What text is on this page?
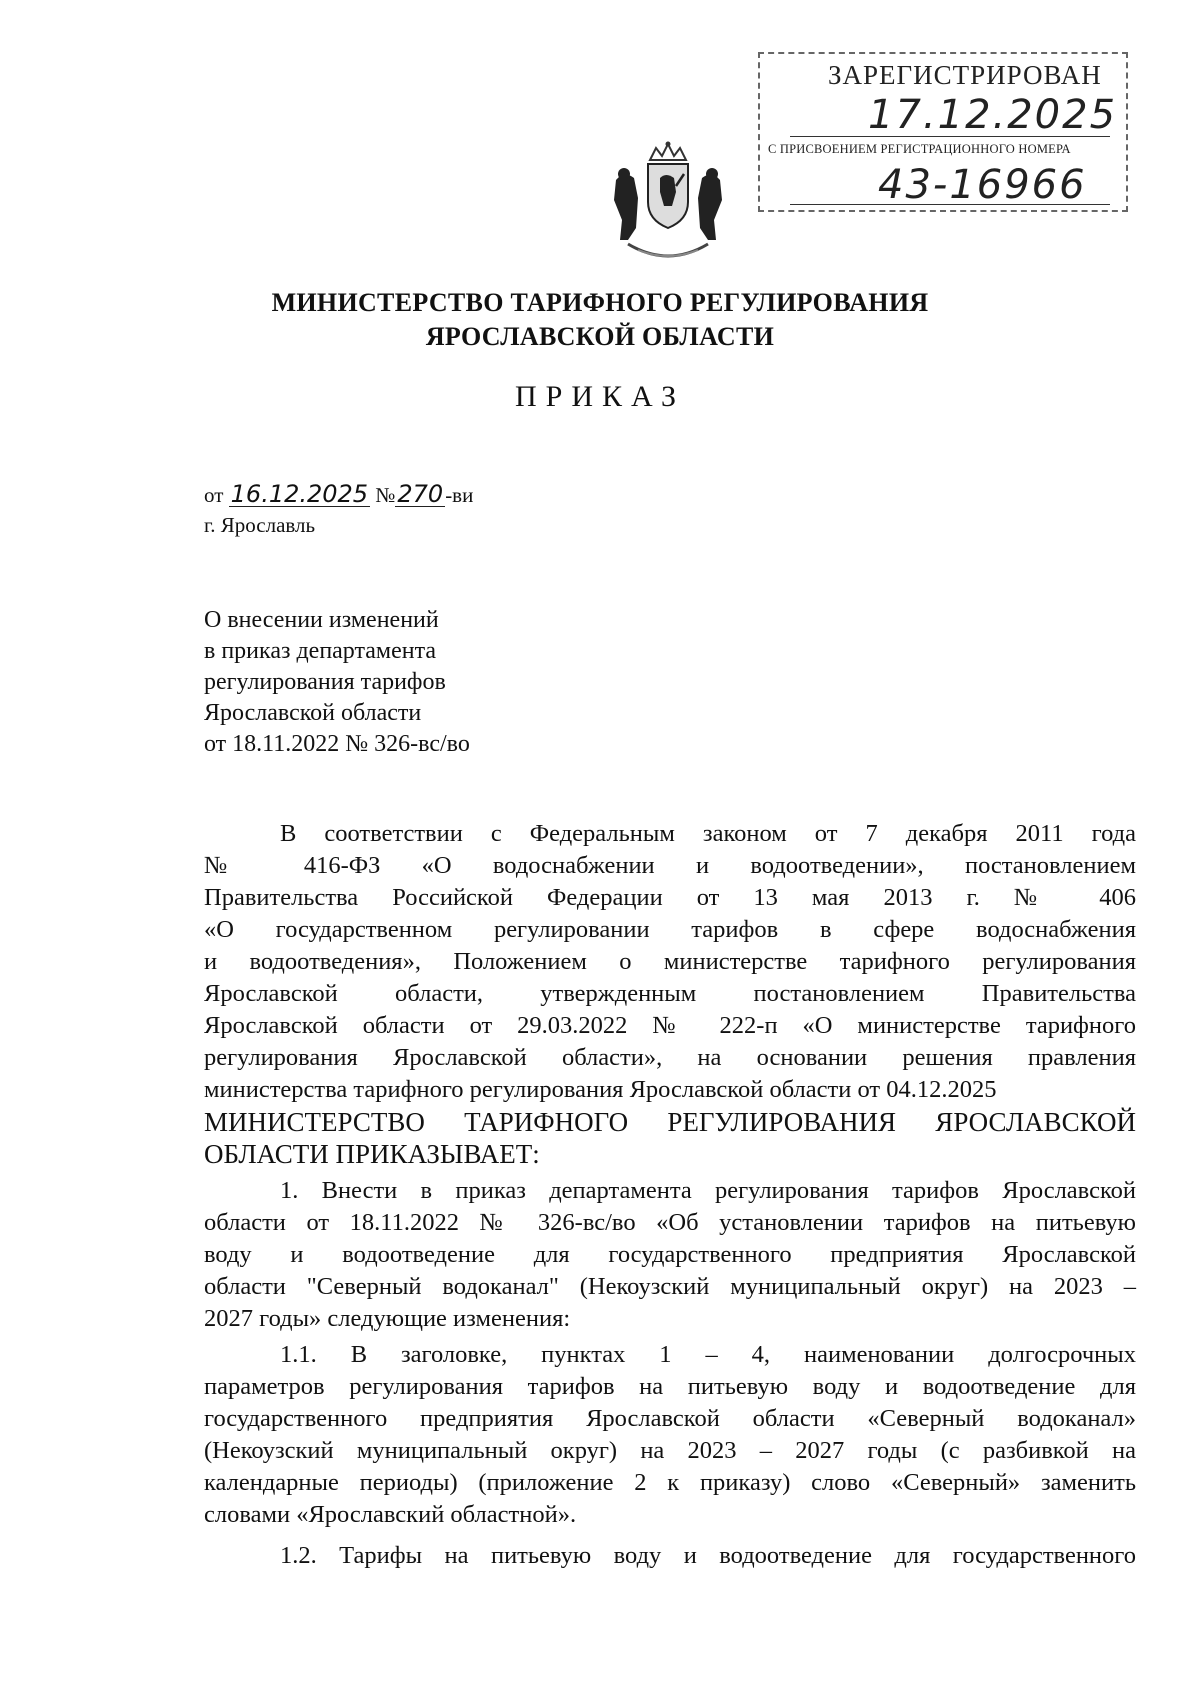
ЗАРЕГИСТРИРОВАН
17.12.2025
С ПРИСВОЕНИЕМ РЕГИСТРАЦИОННОГО НОМЕРА
43-16966
МИНИСТЕРСТВО ТАРИФНОГО РЕГУЛИРОВАНИЯ
ЯРОСЛАВСКОЙ ОБЛАСТИ
ПРИКАЗ
от 16.12.2025 №270-ви
г. Ярославль
О внесении изменений
в приказ департамента
регулирования тарифов
Ярославской области
от 18.11.2022 № 326-вс/во
В соответствии с Федеральным законом от 7 декабря 2011 года
№ 416-ФЗ «О водоснабжении и водоотведении», постановлением
Правительства Российской Федерации от 13 мая 2013 г. № 406
«О государственном регулировании тарифов в сфере водоснабжения
и водоотведения», Положением о министерстве тарифного регулирования
Ярославской области, утвержденным постановлением Правительства
Ярославской области от 29.03.2022 № 222-п «О министерстве тарифного
регулирования Ярославской области», на основании решения правления
министерства тарифного регулирования Ярославской области от 04.12.2025
МИНИСТЕРСТВО ТАРИФНОГО РЕГУЛИРОВАНИЯ ЯРОСЛАВСКОЙ
ОБЛАСТИ ПРИКАЗЫВАЕТ:
1. Внести в приказ департамента регулирования тарифов Ярославской
области от 18.11.2022 № 326-вс/во «Об установлении тарифов на питьевую
воду и водоотведение для государственного предприятия Ярославской
области "Северный водоканал" (Некоузский муниципальный округ) на 2023 –
2027 годы» следующие изменения:
1.1. В заголовке, пунктах 1 – 4, наименовании долгосрочных
параметров регулирования тарифов на питьевую воду и водоотведение для
государственного предприятия Ярославской области «Северный водоканал»
(Некоузский муниципальный округ) на 2023 – 2027 годы (с разбивкой на
календарные периоды) (приложение 2 к приказу) слово «Северный» заменить
словами «Ярославский областной».
1.2. Тарифы на питьевую воду и водоотведение для государственного
